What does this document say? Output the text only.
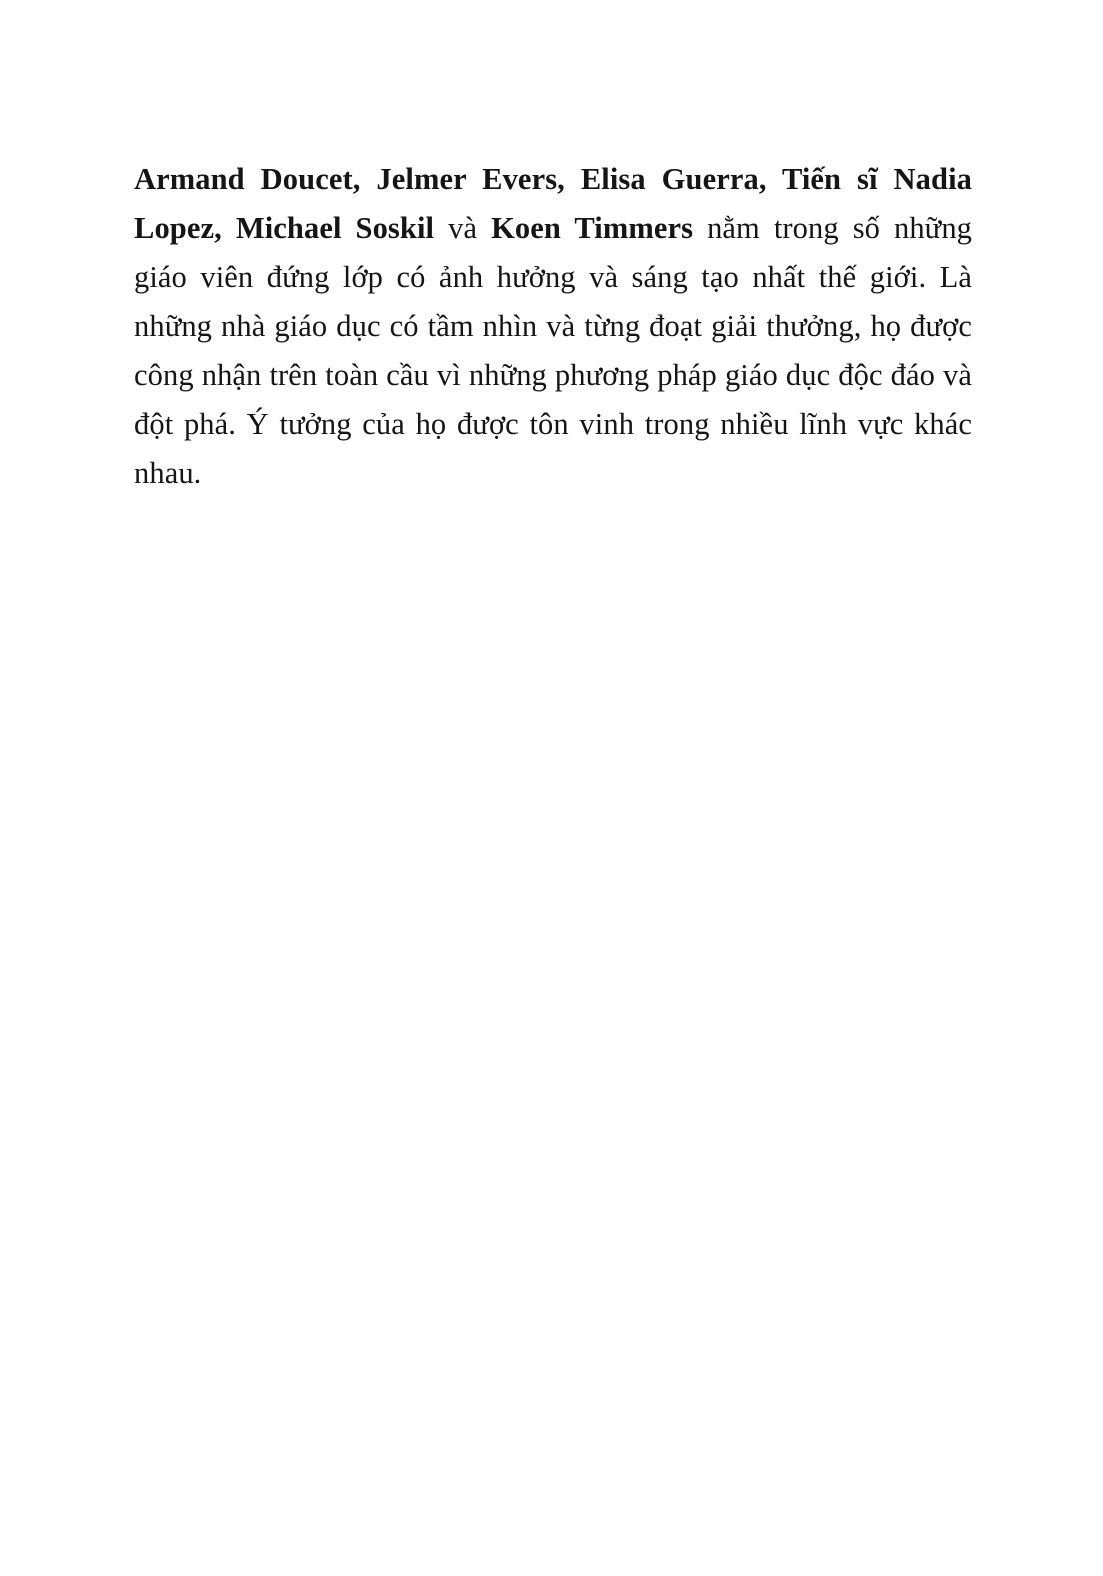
Armand Doucet, Jelmer Evers, Elisa Guerra, Tiến sĩ Nadia Lopez, Michael Soskil và Koen Timmers nằm trong số những giáo viên đứng lớp có ảnh hưởng và sáng tạo nhất thế giới. Là những nhà giáo dục có tầm nhìn và từng đoạt giải thưởng, họ được công nhận trên toàn cầu vì những phương pháp giáo dục độc đáo và đột phá. Ý tưởng của họ được tôn vinh trong nhiều lĩnh vực khác nhau.
